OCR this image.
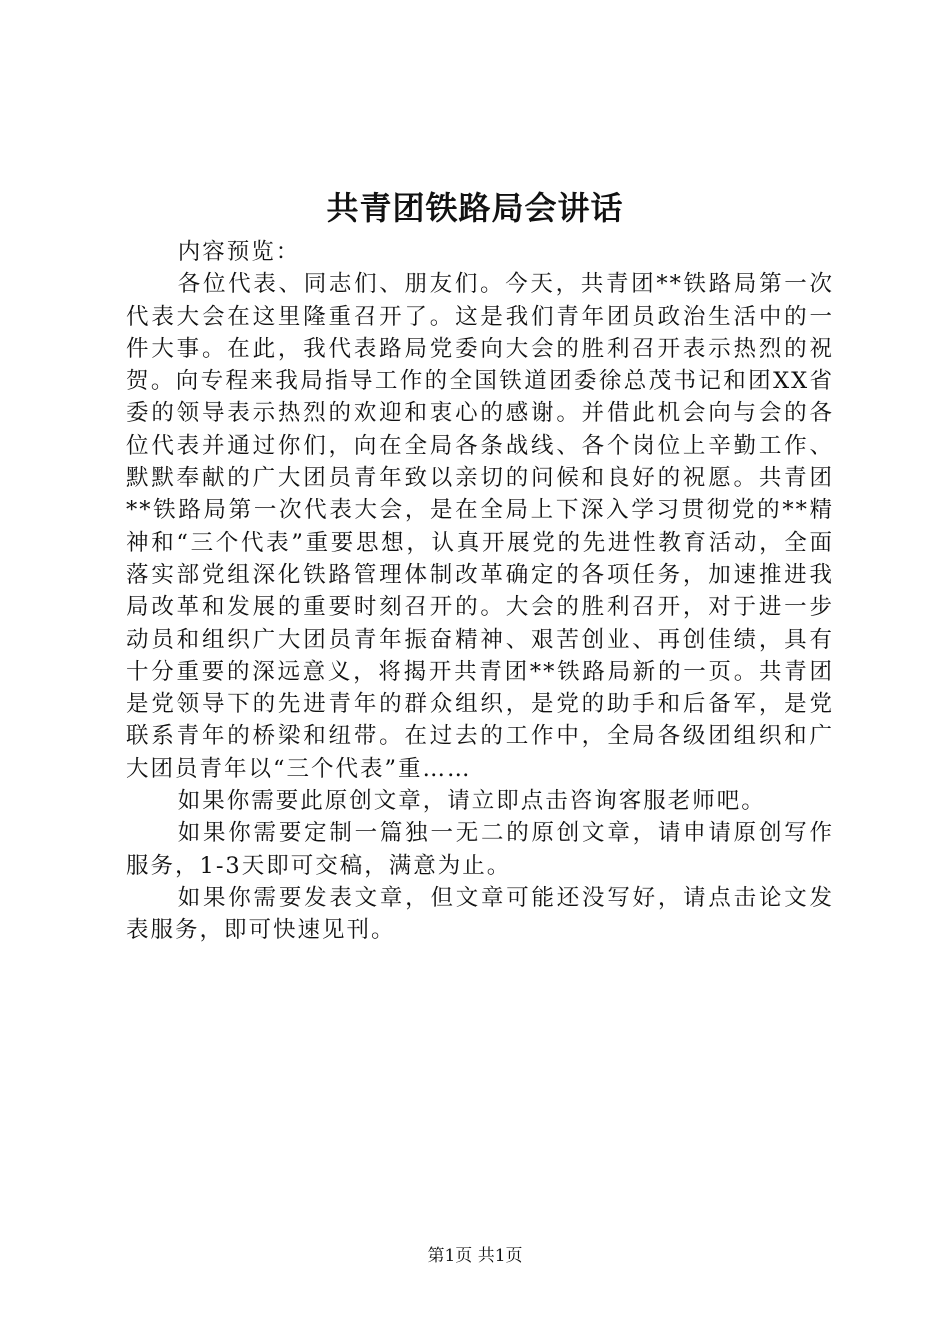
共青团铁路局会讲话

内容预览：

各位代表、同志们、朋友们。今天，共青团**铁路局第一次代表大会在这里隆重召开了。这是我们青年团员政治生活中的一件大事。在此，我代表路局党委向大会的胜利召开表示热烈的祝贺。向专程来我局指导工作的全国铁道团委徐总茂书记和团XX省委的领导表示热烈的欢迎和衷心的感谢。并借此机会向与会的各位代表并通过你们，向在全局各条战线、各个岗位上辛勤工作、默默奉献的广大团员青年致以亲切的问候和良好的祝愿。共青团**铁路局第一次代表大会，是在全局上下深入学习贯彻党的**精神和“三个代表”重要思想，认真开展党的先进性教育活动，全面落实部党组深化铁路管理体制改革确定的各项任务，加速推进我局改革和发展的重要时刻召开的。大会的胜利召开，对于进一步动员和组织广大团员青年振奋精神、艰苦创业、再创佳绩，具有十分重要的深远意义，将揭开共青团**铁路局新的一页。共青团是党领导下的先进青年的群众组织，是党的助手和后备军，是党联系青年的桥梁和纽带。在过去的工作中，全局各级团组织和广大团员青年以“三个代表”重……

如果你需要此原创文章，请立即点击咨询客服老师吧。

如果你需要定制一篇独一无二的原创文章，请申请原创写作服务，1-3天即可交稿，满意为止。

如果你需要发表文章，但文章可能还没写好，请点击论文发表服务，即可快速见刊。

第1页 共1页
